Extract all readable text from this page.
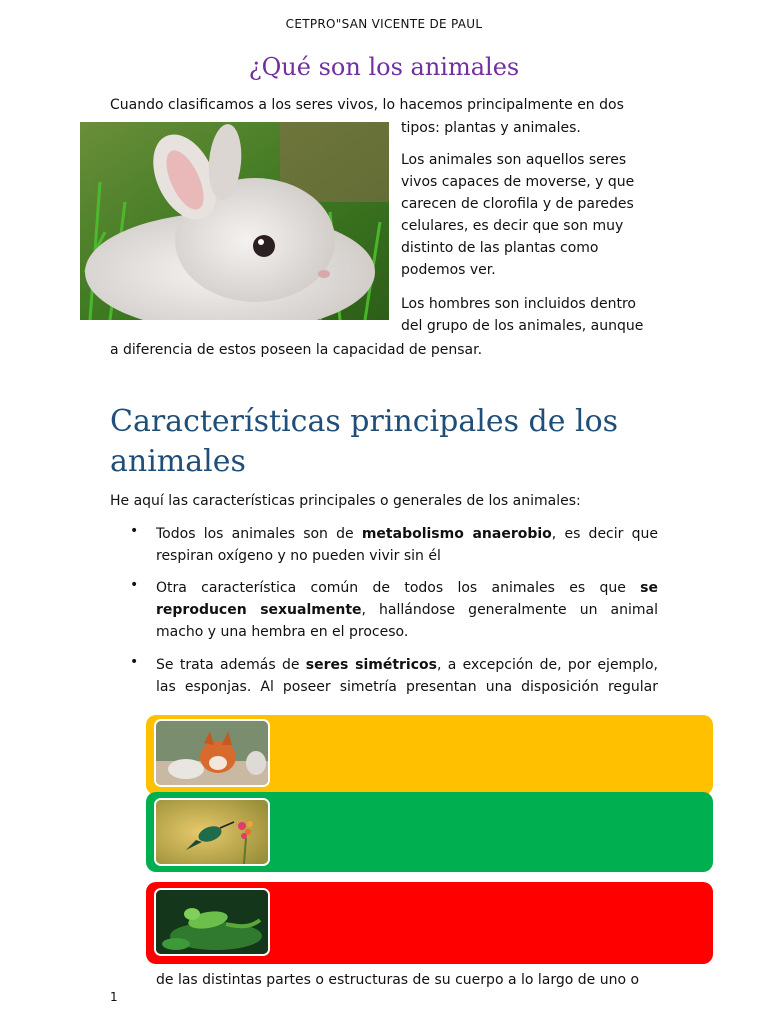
CETPRO"SAN VICENTE DE PAUL
¿Qué son los animales
Cuando clasificamos a los seres vivos, lo hacemos principalmente en dos
tipos: plantas y animales.
Los animales son aquellos seres
vivos capaces de moverse, y que
carecen de clorofila y de paredes
celulares, es decir que son muy
distinto de las plantas como
podemos ver.
Los hombres son incluidos dentro
del grupo de los animales, aunque
a diferencia de estos poseen la capacidad de pensar.
Características principales de los
animales
He aquí las características principales o generales de los animales:
• Todos los animales son de metabolismo anaerobio, es decir que
respiran oxígeno y no pueden vivir sin él
• Otra característica común de todos los animales es que se
reproducen sexualmente, hallándose generalmente un animal
macho y una hembra en el proceso.
• Se trata además de seres simétricos, a excepción de, por ejemplo,
las esponjas. Al poseer simetría presentan una disposición regular
de las distintas partes o estructuras de su cuerpo a lo largo de uno o
1
